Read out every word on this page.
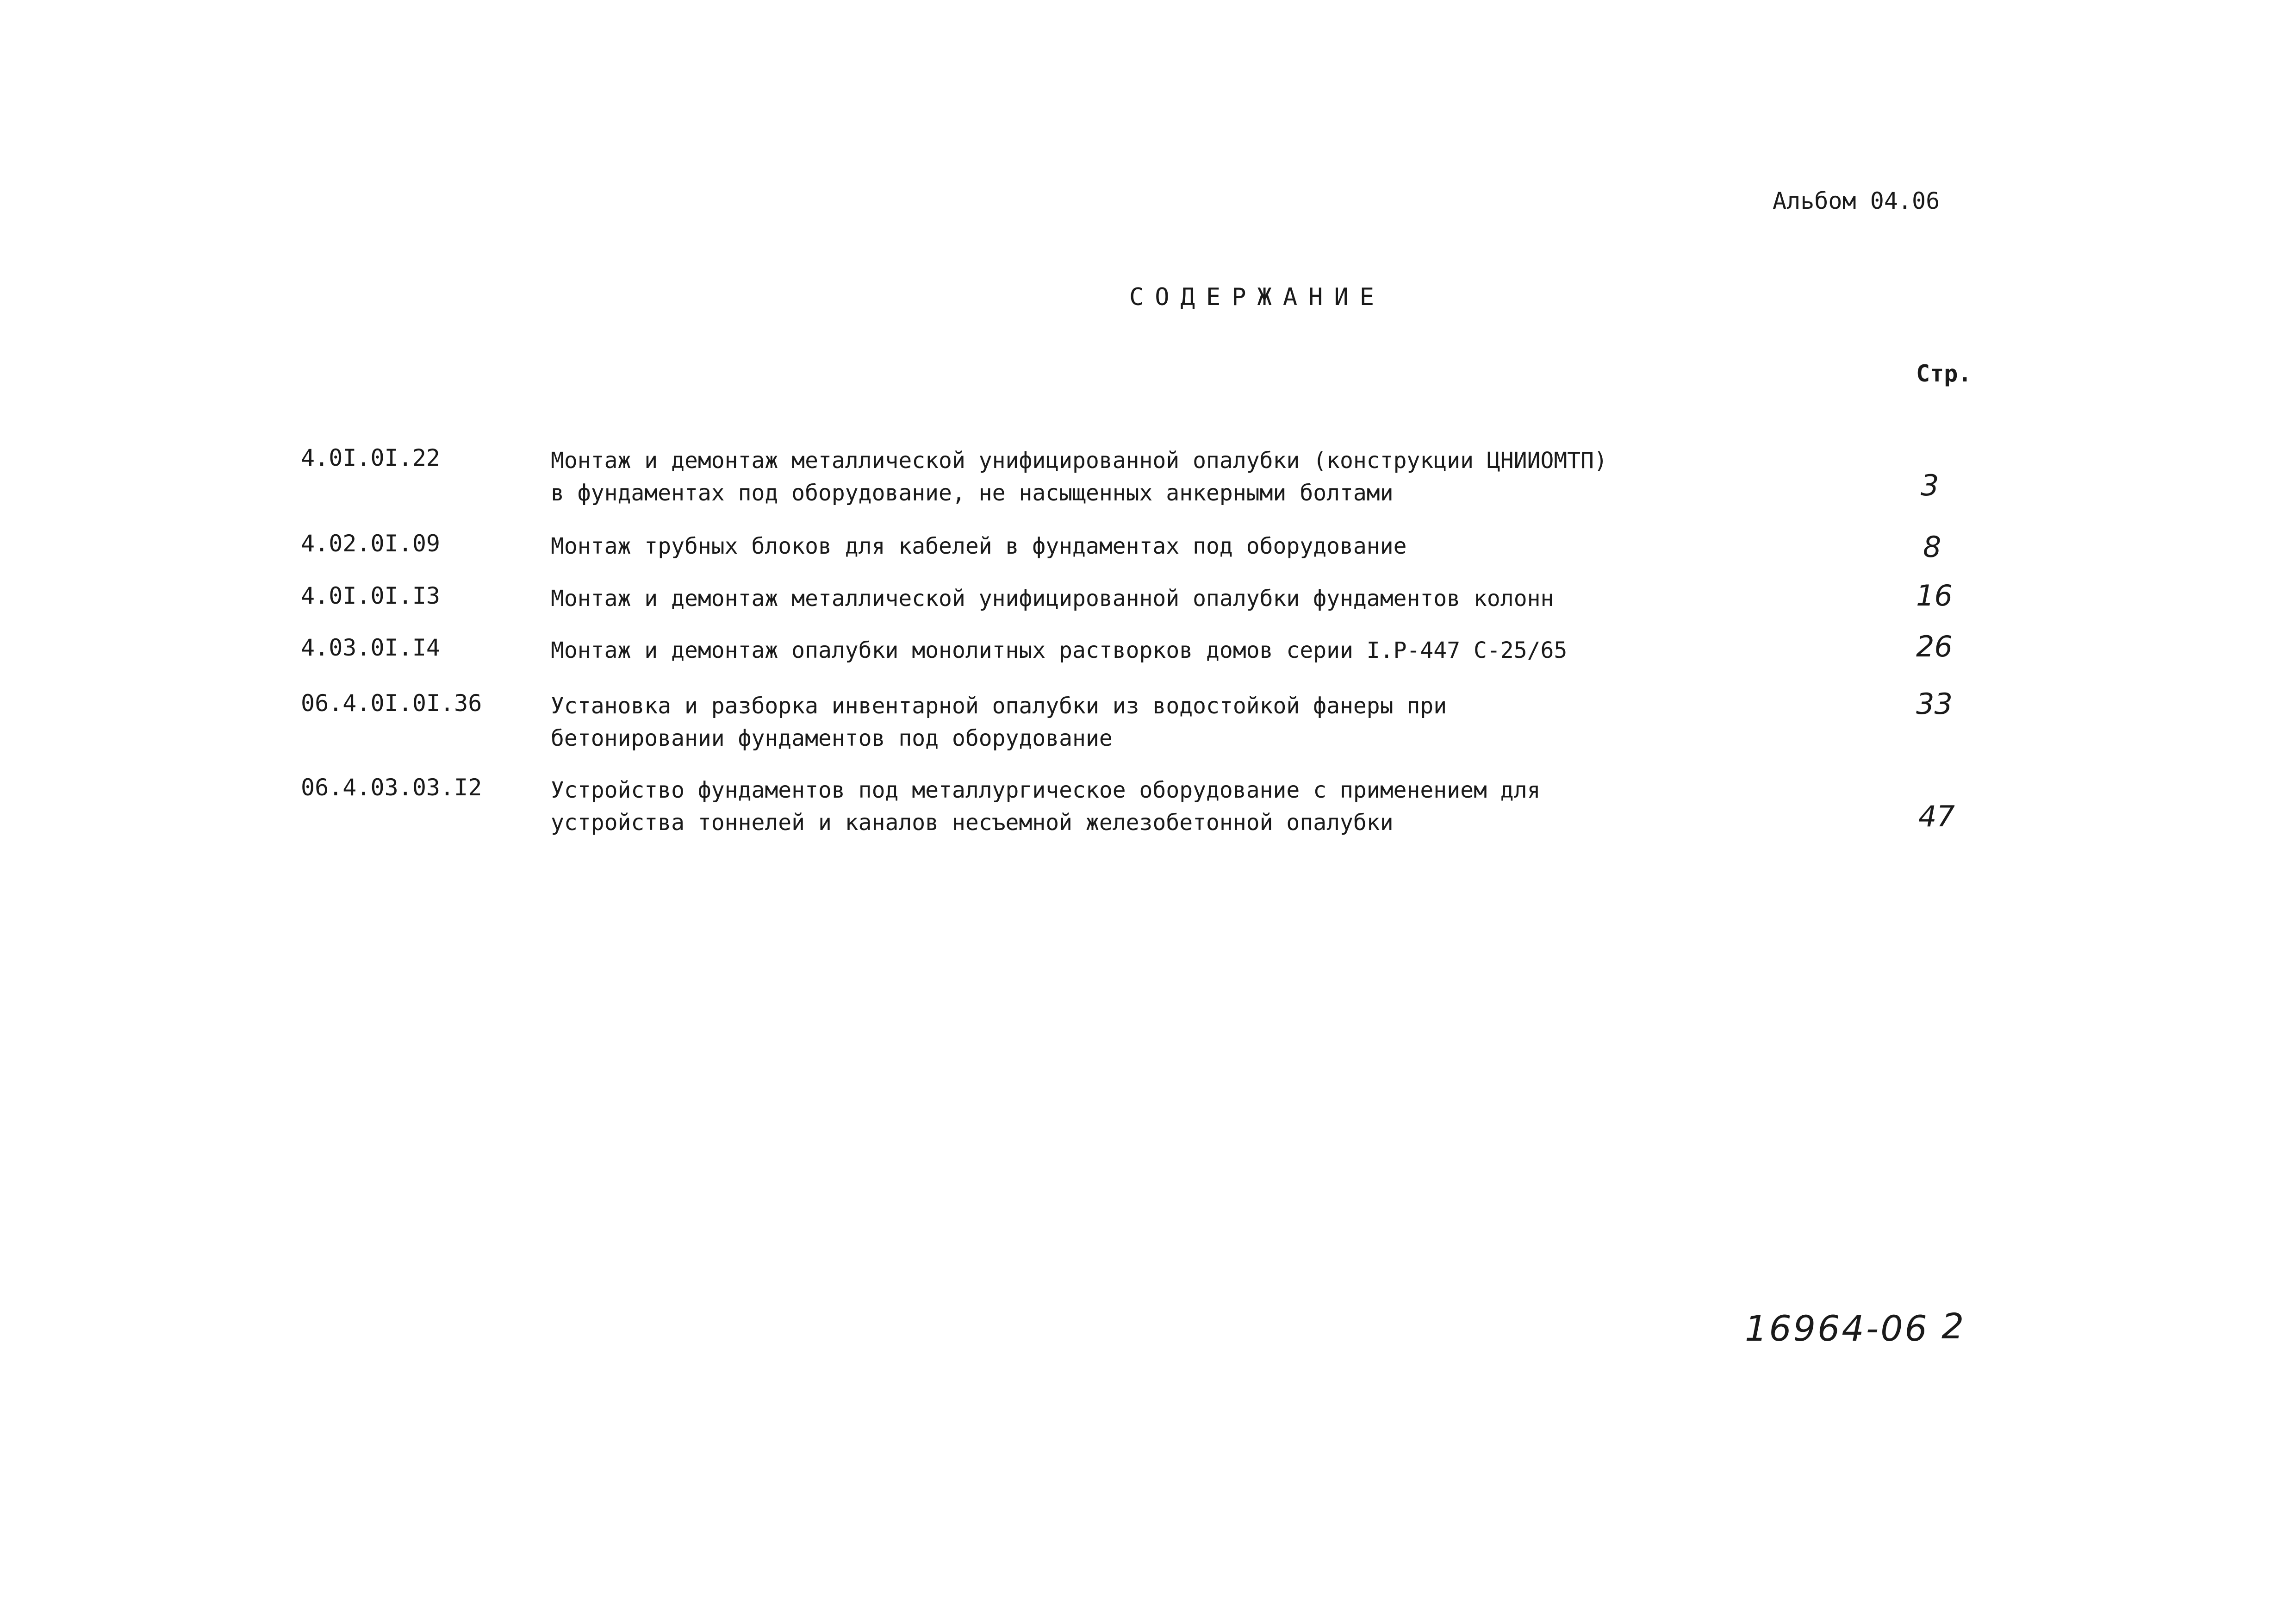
Альбом 04.06
СОДЕРЖАНИЕ
Стр.
4.0I.0I.22	Монтаж и демонтаж металлической унифицированной опалубки (конструкции ЦНИИОМТП)
в фундаментах под оборудование, не насыщенных анкерными болтами	3
4.02.0I.09	Монтаж трубных блоков для кабелей в фундаментах под оборудование	8
4.0I.0I.I3	Монтаж и демонтаж металлической унифицированной опалубки фундаментов колонн	16
4.03.0I.I4	Монтаж и демонтаж опалубки монолитных растворков домов серии I.Р-447 С-25/65	26
06.4.0I.0I.36	Установка и разборка инвентарной опалубки из водостойкой фанеры при
бетонировании фундаментов под оборудование
33
06.4.03.03.I2	Устройство фундаментов под металлургическое оборудование с применением для
устройства тоннелей и каналов несъемной железобетонной опалубки	47
16964-06 2
